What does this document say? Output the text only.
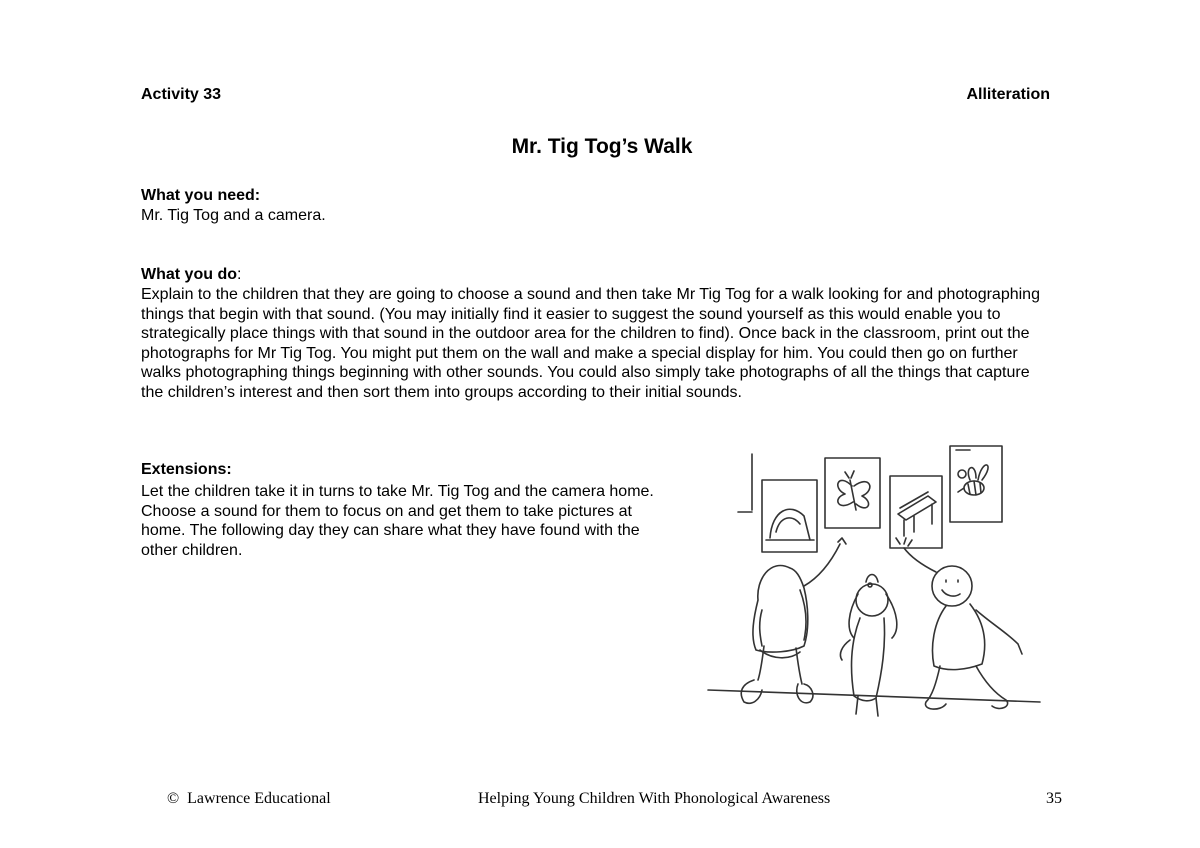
Activity 33	Alliteration
Mr. Tig Tog’s Walk
What you need:
Mr. Tig Tog and a camera.
What you do:
Explain to the children that they are going to choose a sound and then take Mr Tig Tog for a walk looking for and photographing things that begin with that sound. (You may initially find it easier to suggest the sound yourself as this would enable you to strategically place things with that sound in the outdoor area for the children to find). Once back in the classroom, print out the photographs for Mr Tig Tog. You might put them on the wall and make a special display for him. You could then go on further walks photographing things beginning with other sounds. You could also simply take photographs of all the things that capture the children’s interest and then sort them into groups according to their initial sounds.
Extensions:
Let the children take it in turns to take Mr. Tig Tog and the camera home. Choose a sound for them to focus on and get them to take pictures at home. The following day they can share what they have found with the other children.
© Lawrence Educational	Helping Young Children With Phonological Awareness	35
